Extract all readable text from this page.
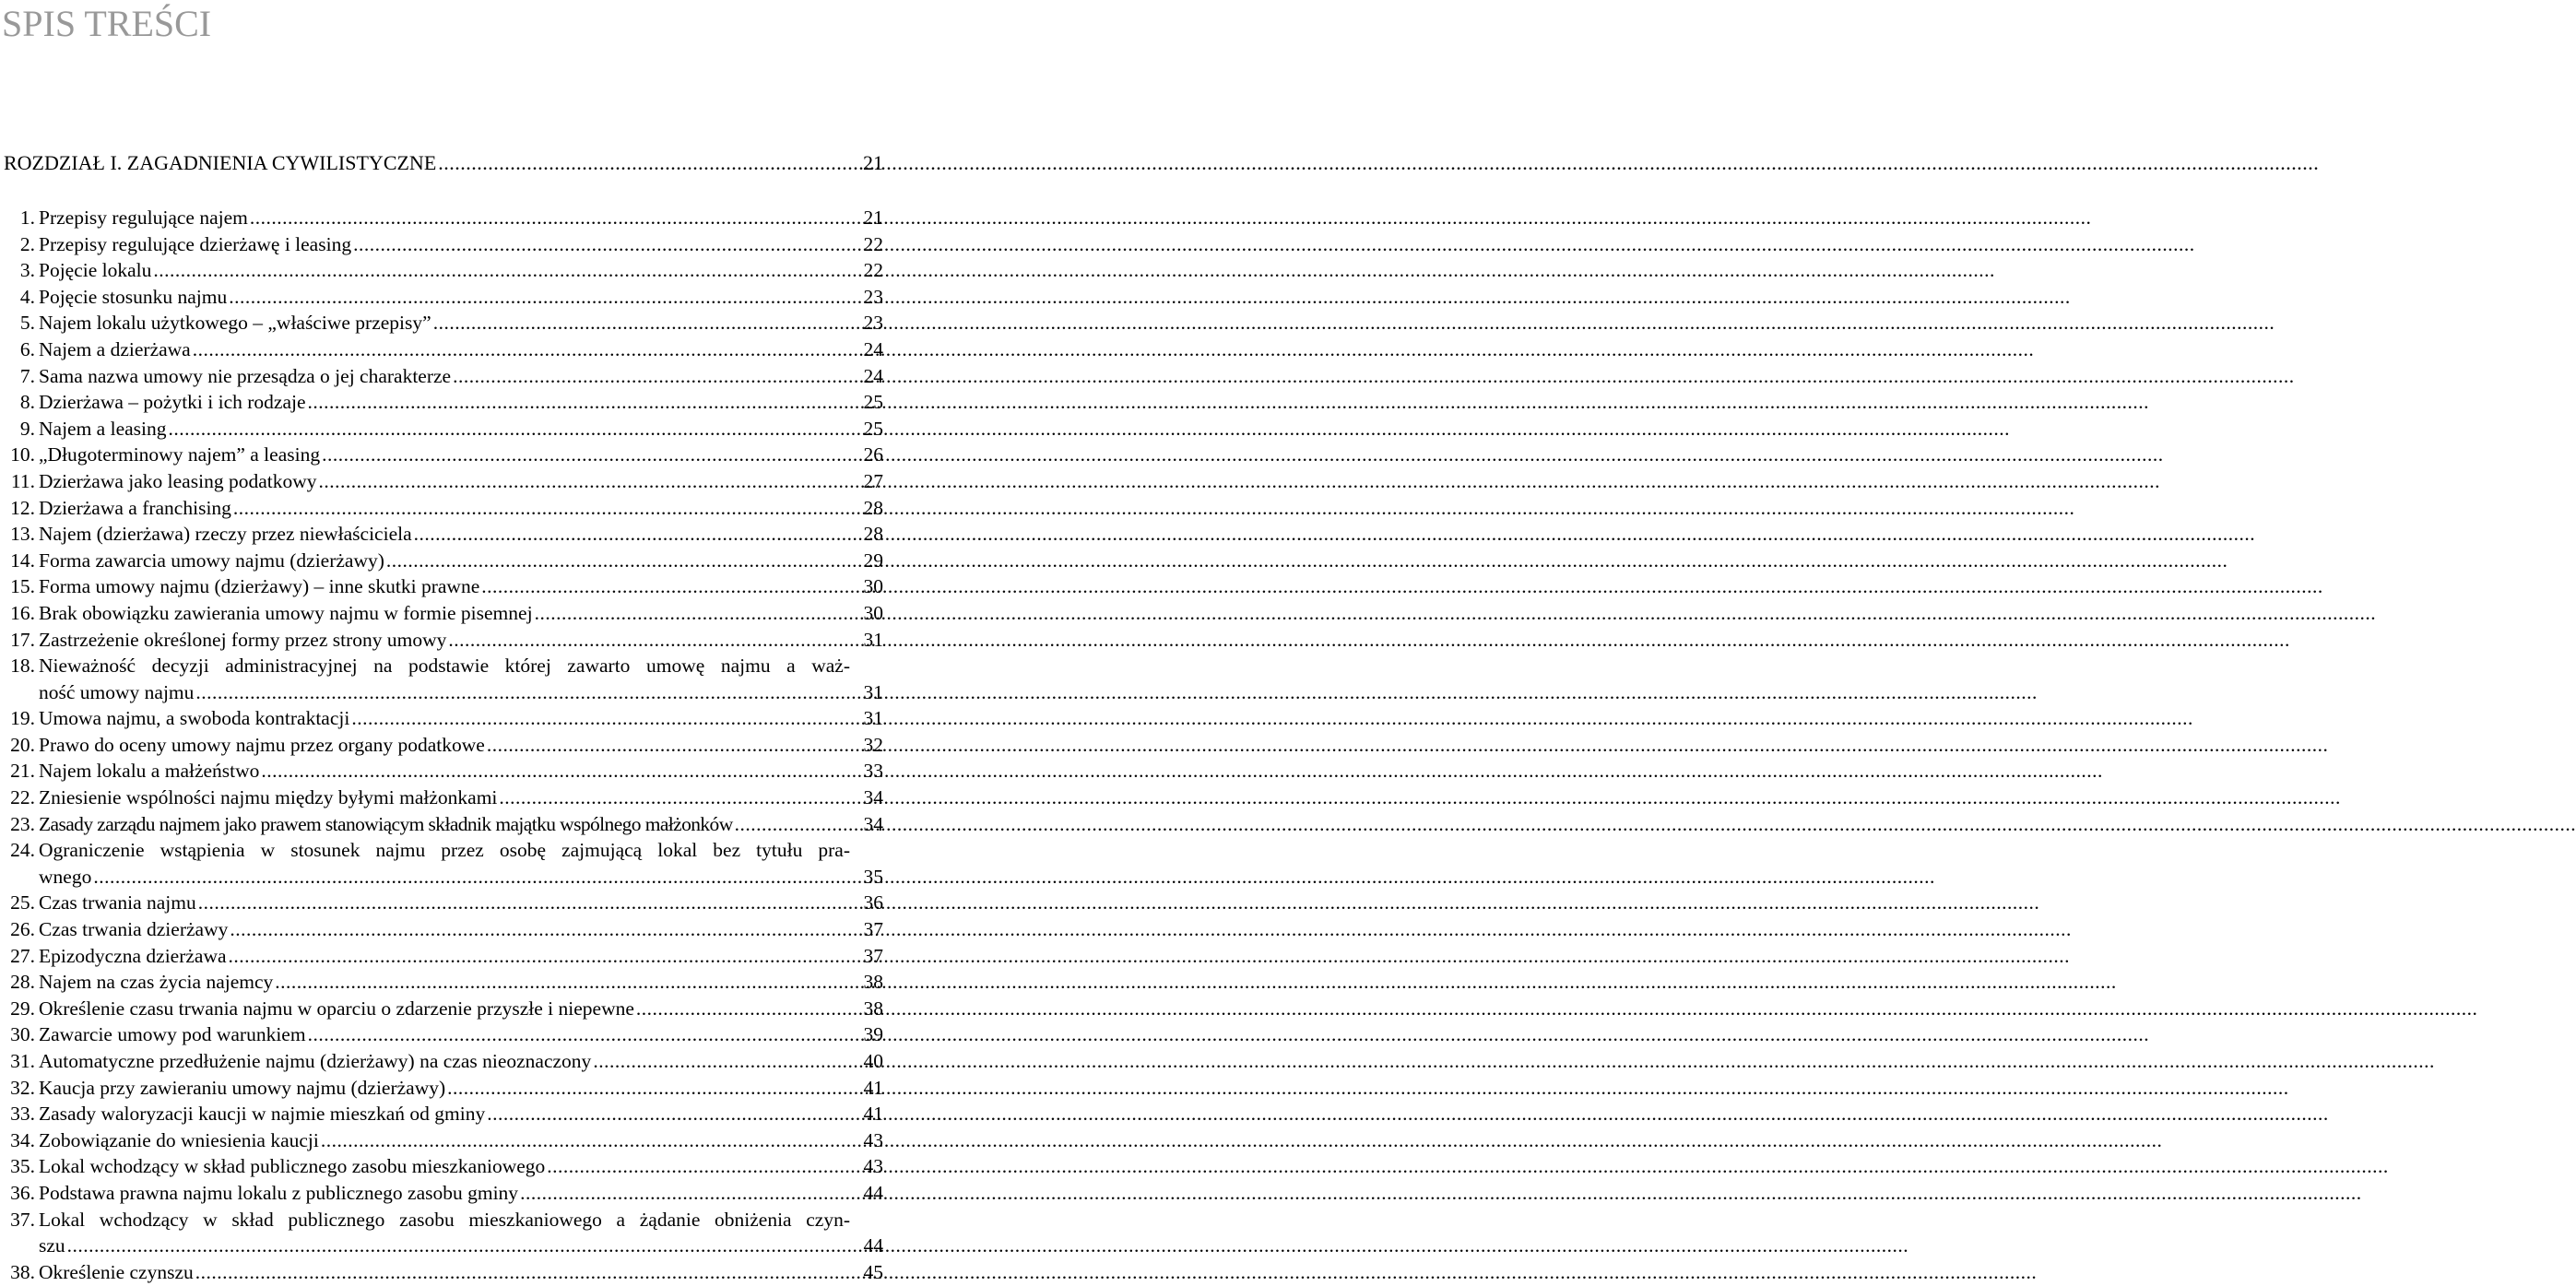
SPIS TREŚCI
ROZDZIAŁ I. ZAGADNIENIA CYWILISTYCZNE .....	21
1. Przepisy regulujące najem .....	21
2. Przepisy regulujące dzierżawę i leasing .....	22
3. Pojęcie lokalu .....	22
4. Pojęcie stosunku najmu .....	23
5. Najem lokalu użytkowego – „właściwe przepisy” .....	23
6. Najem a dzierżawa .....	24
7. Sama nazwa umowy nie przesądza o jej charakterze .....	24
8. Dzierżawa – pożytki i ich rodzaje .....	25
9. Najem a leasing .....	25
10. „Długoterminowy najem” a leasing .....	26
11. Dzierżawa jako leasing podatkowy .....	27
12. Dzierżawa a franchising .....	28
13. Najem (dzierżawa) rzeczy przez niewłaściciela .....	28
14. Forma zawarcia umowy najmu (dzierżawy) .....	29
15. Forma umowy najmu (dzierżawy) – inne skutki prawne .....	30
16. Brak obowiązku zawierania umowy najmu w formie pisemnej .....	30
17. Zastrzeżenie określonej formy przez strony umowy .....	31
18. Nieważność decyzji administracyjnej na podstawie której zawarto umowę najmu a waż-
ność umowy najmu .....	31
19. Umowa najmu, a swoboda kontraktacji .....	31
20. Prawo do oceny umowy najmu przez organy podatkowe .....	32
21. Najem lokalu a małżeństwo .....	33
22. Zniesienie wspólności najmu między byłymi małżonkami .....	34
23. Zasady zarządu najmem jako prawem stanowiącym składnik majątku wspólnego małżonków .....	34
24. Ograniczenie wstąpienia w stosunek najmu przez osobę zajmującą lokal bez tytułu pra-
wnego .....	35
25. Czas trwania najmu .....	36
26. Czas trwania dzierżawy .....	37
27. Epizodyczna dzierżawa .....	37
28. Najem na czas życia najemcy .....	38
29. Określenie czasu trwania najmu w oparciu o zdarzenie przyszłe i niepewne .....	38
30. Zawarcie umowy pod warunkiem .....	39
31. Automatyczne przedłużenie najmu (dzierżawy) na czas nieoznaczony .....	40
32. Kaucja przy zawieraniu umowy najmu (dzierżawy) .....	41
33. Zasady waloryzacji kaucji w najmie mieszkań od gminy .....	41
34. Zobowiązanie do wniesienia kaucji .....	43
35. Lokal wchodzący w skład publicznego zasobu mieszkaniowego .....	43
36. Podstawa prawna najmu lokalu z publicznego zasobu gminy .....	44
37. Lokal wchodzący w skład publicznego zasobu mieszkaniowego a żądanie obniżenia czyn-
szu .....	44
38. Określenie czynszu .....	45
